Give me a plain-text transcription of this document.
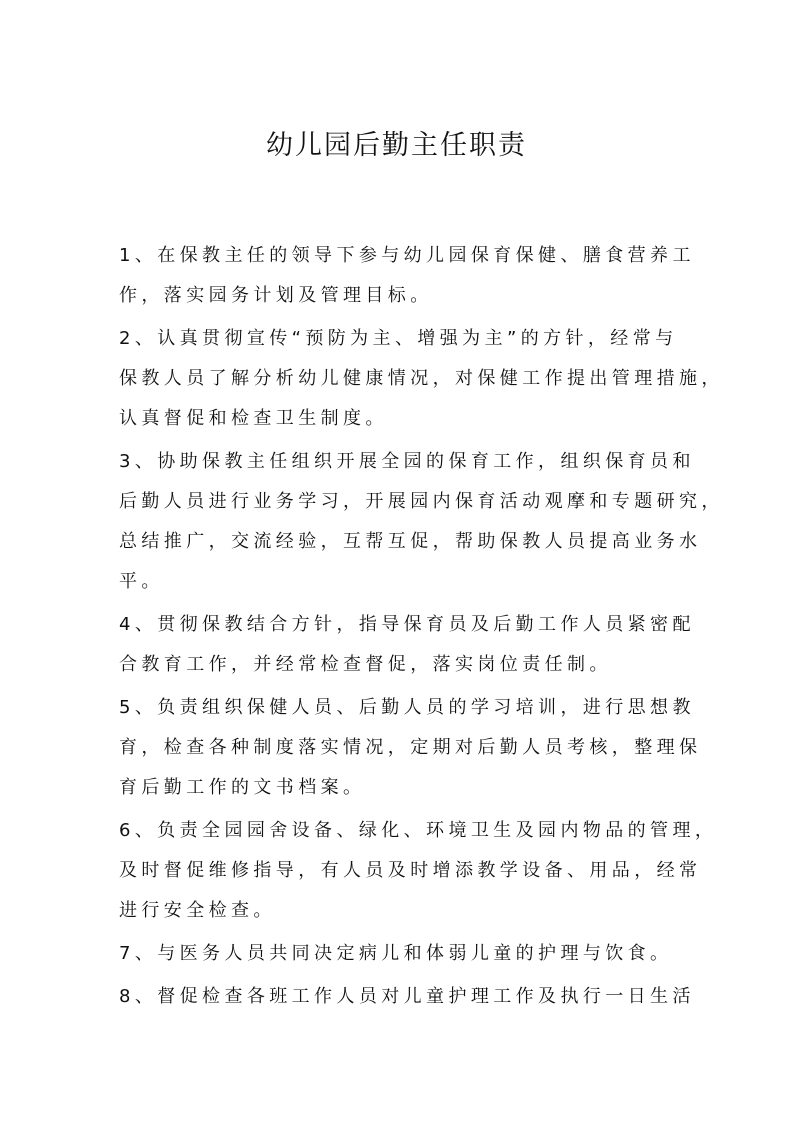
幼儿园后勤主任职责
1、在保教主任的领导下参与幼儿园保育保健、膳食营养工
作，落实园务计划及管理目标。
2、认真贯彻宣传“预防为主、增强为主”的方针，经常与
保教人员了解分析幼儿健康情况，对保健工作提出管理措施，
认真督促和检查卫生制度。
3、协助保教主任组织开展全园的保育工作，组织保育员和
后勤人员进行业务学习，开展园内保育活动观摩和专题研究，
总结推广，交流经验，互帮互促，帮助保教人员提高业务水
平。
4、贯彻保教结合方针，指导保育员及后勤工作人员紧密配
合教育工作，并经常检查督促，落实岗位责任制。
5、负责组织保健人员、后勤人员的学习培训，进行思想教
育，检查各种制度落实情况，定期对后勤人员考核，整理保
育后勤工作的文书档案。
6、负责全园园舍设备、绿化、环境卫生及园内物品的管理，
及时督促维修指导，有人员及时增添教学设备、用品，经常
进行安全检查。
7、与医务人员共同决定病儿和体弱儿童的护理与饮食。
8、督促检查各班工作人员对儿童护理工作及执行一日生活
